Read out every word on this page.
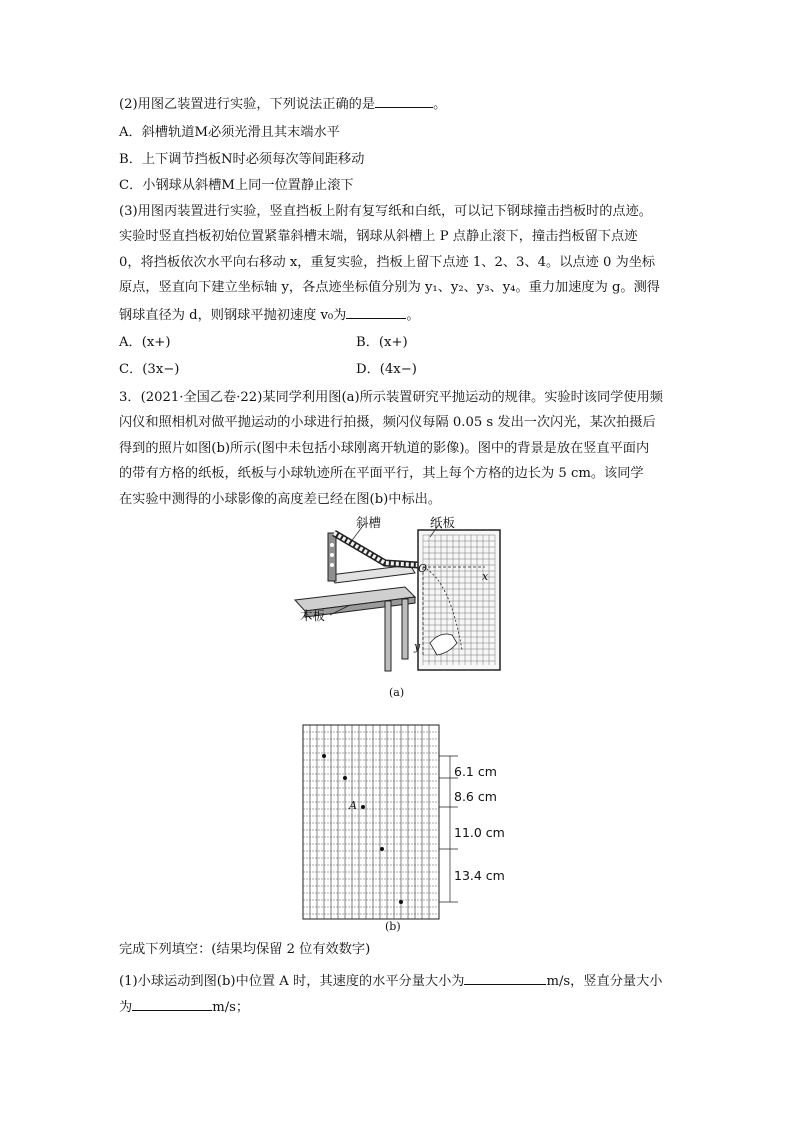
(2)用图乙装置进行实验，下列说法正确的是	。
A．斜槽轨道M必须光滑且其末端水平
B．上下调节挡板N时必须每次等间距移动
C．小钢球从斜槽M上同一位置静止滚下
(3)用图丙装置进行实验，竖直挡板上附有复写纸和白纸，可以记下钢球撞击挡板时的点迹。
实验时竖直挡板初始位置紧靠斜槽末端，钢球从斜槽上 P 点静止滚下，撞击挡板留下点迹
0，将挡板依次水平向右移动 x，重复实验，挡板上留下点迹 1、2、3、4。以点迹 0 为坐标
原点，竖直向下建立坐标轴 y，各点迹坐标值分别为 y₁、y₂、y₃、y₄。重力加速度为 g。测得
钢球直径为 d，则钢球平抛初速度 v₀为	。
A．(x+)	B．(x+)
C．(3x−)	D．(4x−)
3．(2021·全国乙卷·22)某同学利用图(a)所示装置研究平抛运动的规律。实验时该同学使用频
闪仪和照相机对做平抛运动的小球进行拍摄，频闪仪每隔 0.05 s 发出一次闪光，某次拍摄后
得到的照片如图(b)所示(图中未包括小球刚离开轨道的影像)。图中的背景是放在竖直平面内
的带有方格的纸板，纸板与小球轨迹所在平面平行，其上每个方格的边长为 5 cm。该同学
在实验中测得的小球影像的高度差已经在图(b)中标出。
斜槽	纸板
木板
O
x
y
(a)
6.1 cm
8.6 cm
11.0 cm
13.4 cm
A
(b)
完成下列填空：(结果均保留 2 位有效数字)
(1)小球运动到图(b)中位置 A 时，其速度的水平分量大小为	m/s，竖直分量大小
为	m/s；
